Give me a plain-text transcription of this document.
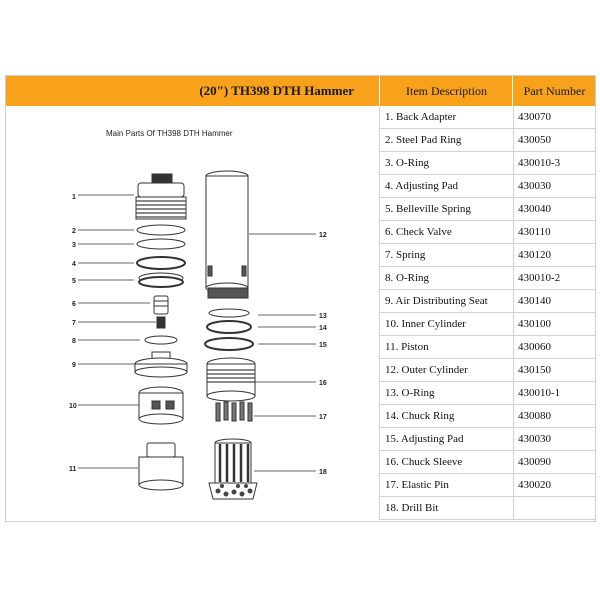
(20") TH398 DTH Hammer	Item Description	Part Number
Main Parts Of TH398 DTH Hammer
1
2
3
4
5
6
7
8
9
10
11
12
13
14
15
16
17
18
1. Back Adapter	430070
2. Steel Pad Ring	430050
3. O-Ring	430010-3
4. Adjusting Pad	430030
5. Belleville Spring	430040
6. Check Valve	430110
7. Spring	430120
8. O-Ring	430010-2
9. Air Distributing Seat	430140
10. Inner Cylinder	430100
11. Piston	430060
12. Outer Cylinder	430150
13. O-Ring	430010-1
14. Chuck Ring	430080
15. Adjusting Pad	430030
16. Chuck Sleeve	430090
17. Elastic Pin	430020
18. Drill Bit
